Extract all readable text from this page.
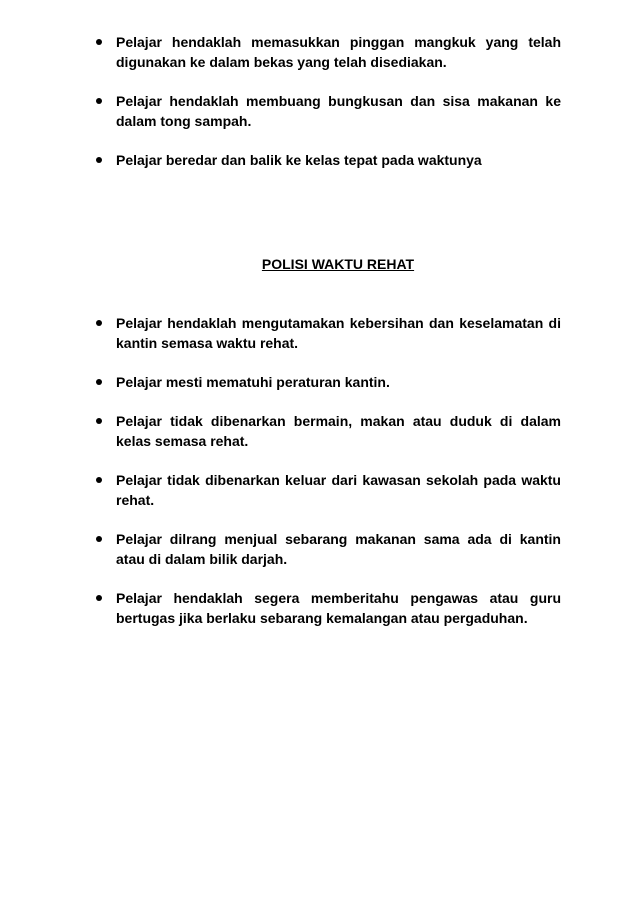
Pelajar hendaklah memasukkan pinggan mangkuk yang telah digunakan ke dalam bekas yang telah disediakan.
Pelajar hendaklah membuang bungkusan dan sisa makanan ke dalam tong sampah.
Pelajar beredar dan balik ke kelas tepat pada waktunya
POLISI WAKTU REHAT
Pelajar hendaklah mengutamakan kebersihan dan keselamatan di kantin semasa waktu rehat.
Pelajar mesti mematuhi peraturan kantin.
Pelajar tidak dibenarkan bermain, makan atau duduk di dalam kelas semasa rehat.
Pelajar tidak dibenarkan keluar dari kawasan sekolah pada waktu rehat.
Pelajar dilrang menjual sebarang makanan sama ada di kantin atau di dalam bilik darjah.
Pelajar hendaklah segera memberitahu pengawas atau guru bertugas jika berlaku sebarang kemalangan atau pergaduhan.
